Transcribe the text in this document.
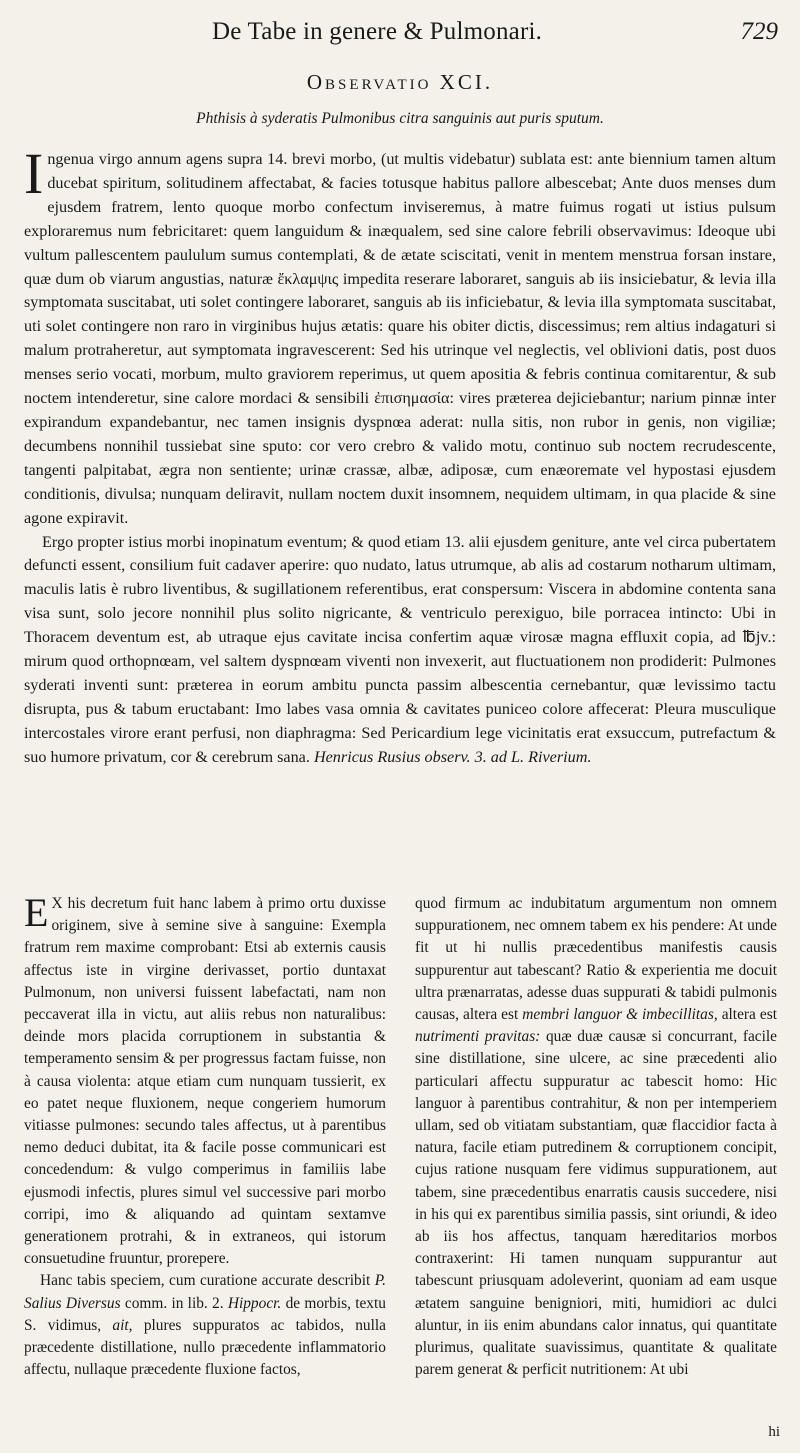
De Tabe in genere & Pulmonari.	729
Observatio XCI.
Phthisis à syderatis Pulmonibus citra sanguinis aut puris sputum.

Ingenua virgo annum agens supra 14. brevi morbo, (ut multis videbatur) sublata est: ante biennium tamen altum ducebat spiritum, solitudinem affectabat, & facies totusque habitus pallore albescebat; Ante duos menses dum ejusdem fratrem, lento quoque morbo confectum inviseremus, à matre fuimus rogati ut istius pulsum exploraremus num febricitaret: quem languidum & inæqualem, sed sine calore febrili observavimus: Ideoque ubi vultum pallescentem paululum sumus contemplati, & de ætate sciscitati, venit in mentem menstrua forsan instare, quæ dum ob viarum angustias, naturæ ἔκλαμψις impedita reserare laboraret, sanguis ab iis insiciebatur, & levia illa symptomata suscitabat, uti solet contingere laboraret, sanguis ab iis inficiebatur, & levia illa symptomata suscitabat, uti solet contingere non raro in virginibus hujus ætatis: quare his obiter dictis, discessimus; rem altius indagaturi si malum protraheretur, aut symptomata ingravescerent: Sed his utrinque vel neglectis, vel oblivioni datis, post duos menses serio vocati, morbum, multo graviorem reperimus, ut quem apositia & febris continua comitarentur, & sub noctem intenderetur, sine calore mordaci & sensibili ἐπισημασία: vires præterea dejiciebantur; narium pinnæ inter expirandum expandebantur, nec tamen insignis dyspnœa aderat: nulla sitis, non rubor in genis, non vigiliæ; decumbens nonnihil tussiebat sine sputo: cor vero crebro & valido motu, continuo sub noctem recrudescente, tangenti palpitabat, ægra non sentiente; urinæ crassæ, albæ, adiposæ, cum enæoremate vel hypostasi ejusdem conditionis, divulsa; nunquam deliravit, nullam noctem duxit insomnem, nequidem ultimam, in qua placide & sine agone expiravit.

Ergo propter istius morbi inopinatum eventum; & quod etiam 13. alii ejusdem geniture, ante vel circa pubertatem defuncti essent, consilium fuit cadaver aperire: quo nudato, latus utrumque, ab alis ad costarum notharum ultimam, maculis latis è rubro liventibus, & sugillationem referentibus, erat conspersum: Viscera in abdomine contenta sana visa sunt, solo jecore nonnihil plus solito nigricante, & ventriculo perexiguo, bile porracea intincto: Ubi in Thoracem deventum est, ab utraque ejus cavitate incisa confertim aquæ virosæ magna effluxit copia, ad ℔jv.: mirum quod orthopnœam, vel saltem dyspnœam viventi non invexerit, aut fluctuationem non prodiderit: Pulmones syderati inventi sunt: præterea in eorum ambitu puncta passim albescentia cernebantur, quæ levissimo tactu disrupta, pus & tabum eructabant: Imo labes vasa omnia & cavitates puniceo colore affecerat: Pleura musculique intercostales virore erant perfusi, non diaphragma: Sed Pericardium lege vicinitatis erat exsuccum, putrefactum & suo humore privatum, cor & cerebrum sana. Henricus Rusius observ. 3. ad L. Riverium.

E X his decretum fuit hanc labem à primo ortu duxisse originem, sive à semine sive à sanguine: Exempla fratrum rem maxime comprobant: Etsi ab externis causis affectus iste in virgine derivasset, portio duntaxat Pulmonum, non universi fuissent labefactati, nam non peccaverat illa in victu, aut aliis rebus non naturalibus: deinde mors placida corruptionem in substantia & temperamento sensim & per progressus factam fuisse, non à causa violenta: atque etiam cum nunquam tussierit, ex eo patet neque fluxionem, neque congeriem humorum vitiasse pulmones: secundo tales affectus, ut à parentibus nemo deduci dubitat, ita & facile posse communicari est concedendum: & vulgo comperimus in familiis labe ejusmodi infectis, plures simul vel successive pari morbo corripi, imo & aliquando ad quintam sextamve generationem protrahi, & in extraneos, qui istorum consuetudine fruuntur, prorepere.

Hanc tabis speciem, cum curatione accurate describit P. Salius Diversus comm. in lib. 2. Hippocr. de morbis, textu S. vidimus, ait, plures suppuratos ac tabidos, nulla præcedente distillatione, nullo præcedente inflammatorio affectu, nullaque præcedente fluxione factos,

quod firmum ac indubitatum argumentum non omnem suppurationem, nec omnem tabem ex his pendere: At unde fit ut hi nullis præcedentibus manifestis causis suppurentur aut tabescant? Ratio & experientia me docuit ultra prænarratas, adesse duas suppurati & tabidi pulmonis causas, altera est membri languor & imbecillitas, altera est nutrimenti pravitas: quæ duæ causæ si concurrant, facile sine distillatione, sine ulcere, ac sine præcedenti alio particulari affectu suppuratur ac tabescit homo: Hic languor à parentibus contrahitur, & non per intemperiem ullam, sed ob vitiatam substantiam, quæ flaccidior facta à natura, facile etiam putredinem & corruptionem concipit, cujus ratione nusquam fere vidimus suppurationem, aut tabem, sine præcedentibus enarratis causis succedere, nisi in his qui ex parentibus similia passis, sint oriundi, & ideo ab iis hos affectus, tanquam hæreditarios morbos contraxerint: Hi tamen nunquam suppurantur aut tabescunt priusquam adoleverint, quoniam ad eam usque ætatem sanguine benigniori, miti, humidiori ac dulci aluntur, in iis enim abundans calor innatus, qui quantitate plurimus, qualitate suavissimus, quantitate & qualitate parem generat & perficit nutritionem: At ubi

hi
